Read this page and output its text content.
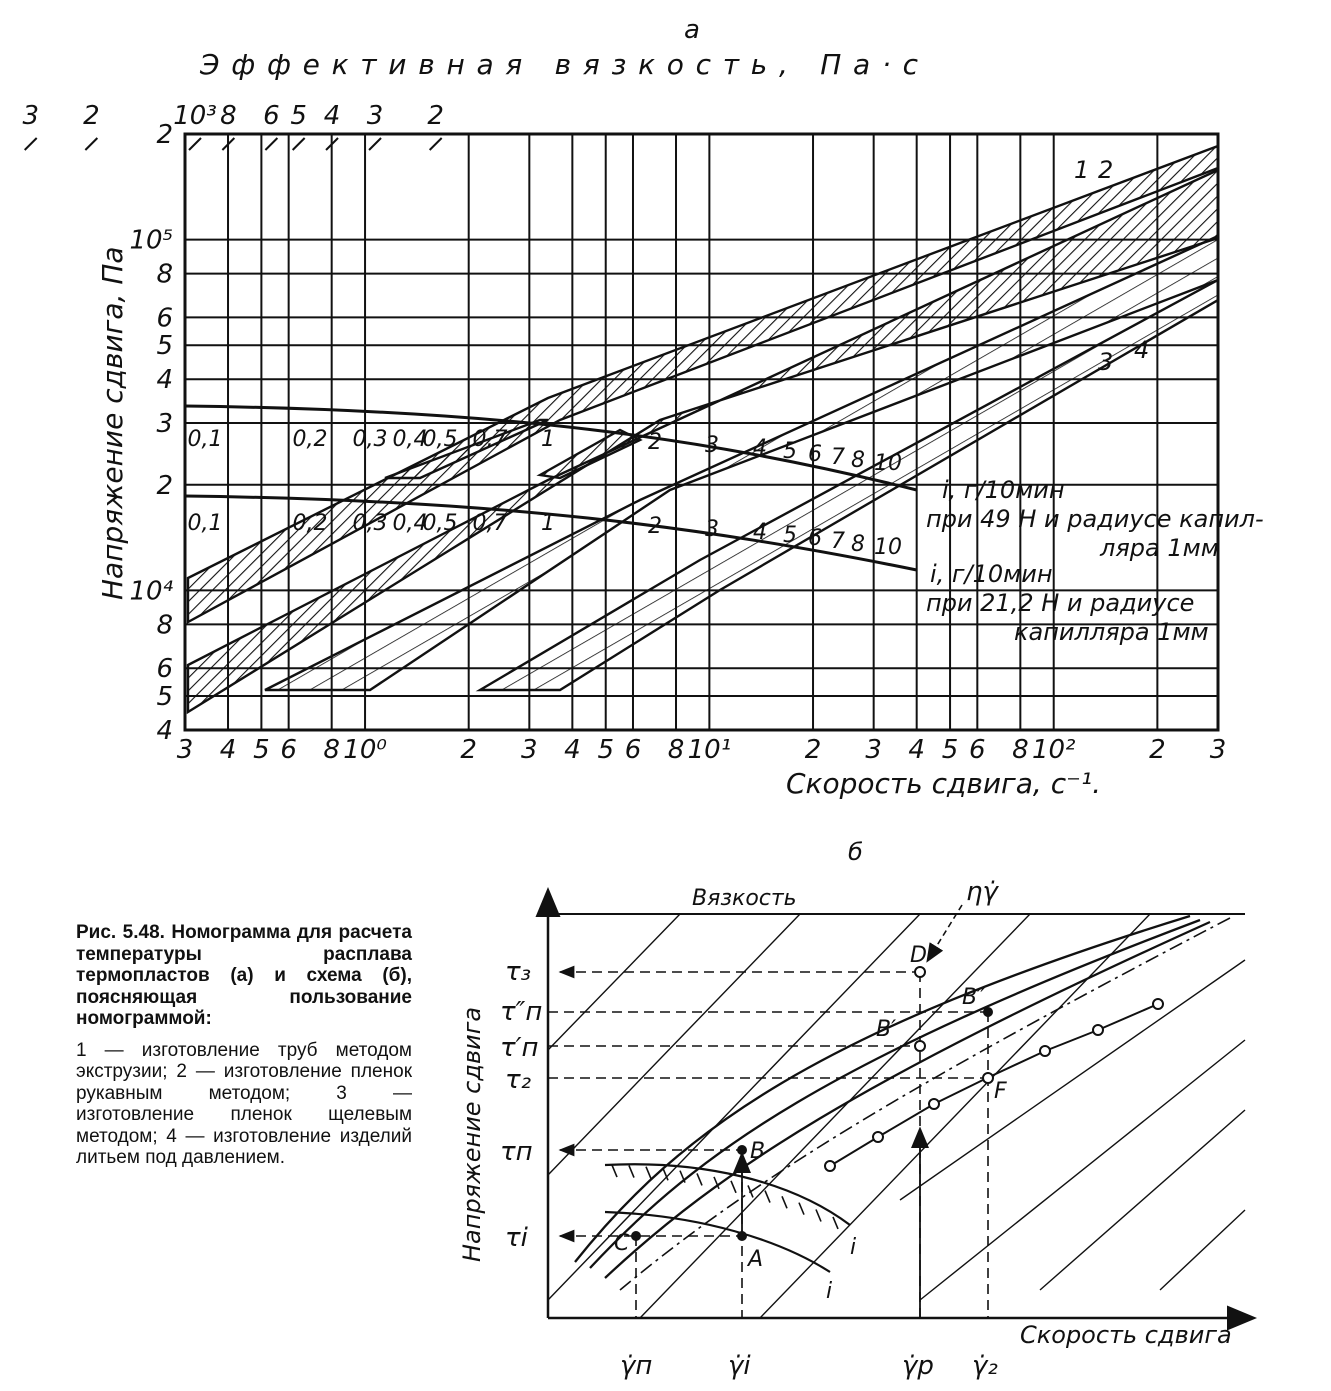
а
Эффективная вязкость, Па·с
10³ 8 6 5 4 3 2
3 2
3 4 5 6 8 10⁰	2 3 4 5 6 8 10¹	2 3 4 5 6 8 10²	2 3
2
10⁵
8
6
5
4
3
2
10⁴
8
6
5
4
0,1	0,2 0,3 0,4
0,5 0,7 1	2 3 4 5 6 7 8 10
0,1	0,2 0,3 0,4
0,5 0,7 1	2 3 4 5 6 7 8 10
Скорость сдвига, с⁻¹.
Напряжение сдвига, Па
1 2
3 4
i, г/10мин
при 49 Н и радиусе капил-
ляра 1мм
i, г/10мин
при 21,2 Н и радиусе
капилляра 1мм
б
Вязкость	ηγ̇
Напряжение сдвига
Скорость сдвига
τ₃
τ″п
τ′п
τ₂
τп
τi
γ̇п	γ̇i	γ̇р γ̇₂
D
B″
B′
F
B
A
C	i
i
Рис. 5.48. Номограмма для расчета температуры расплава термопластов (а) и схема (б), поясняющая пользование номограммой:
1 — изготовление труб методом экструзии; 2 — изготовление пленок рукавным методом; 3 — изготовление пленок щелевым методом; 4 — изготовление изделий литьем под давлением.
